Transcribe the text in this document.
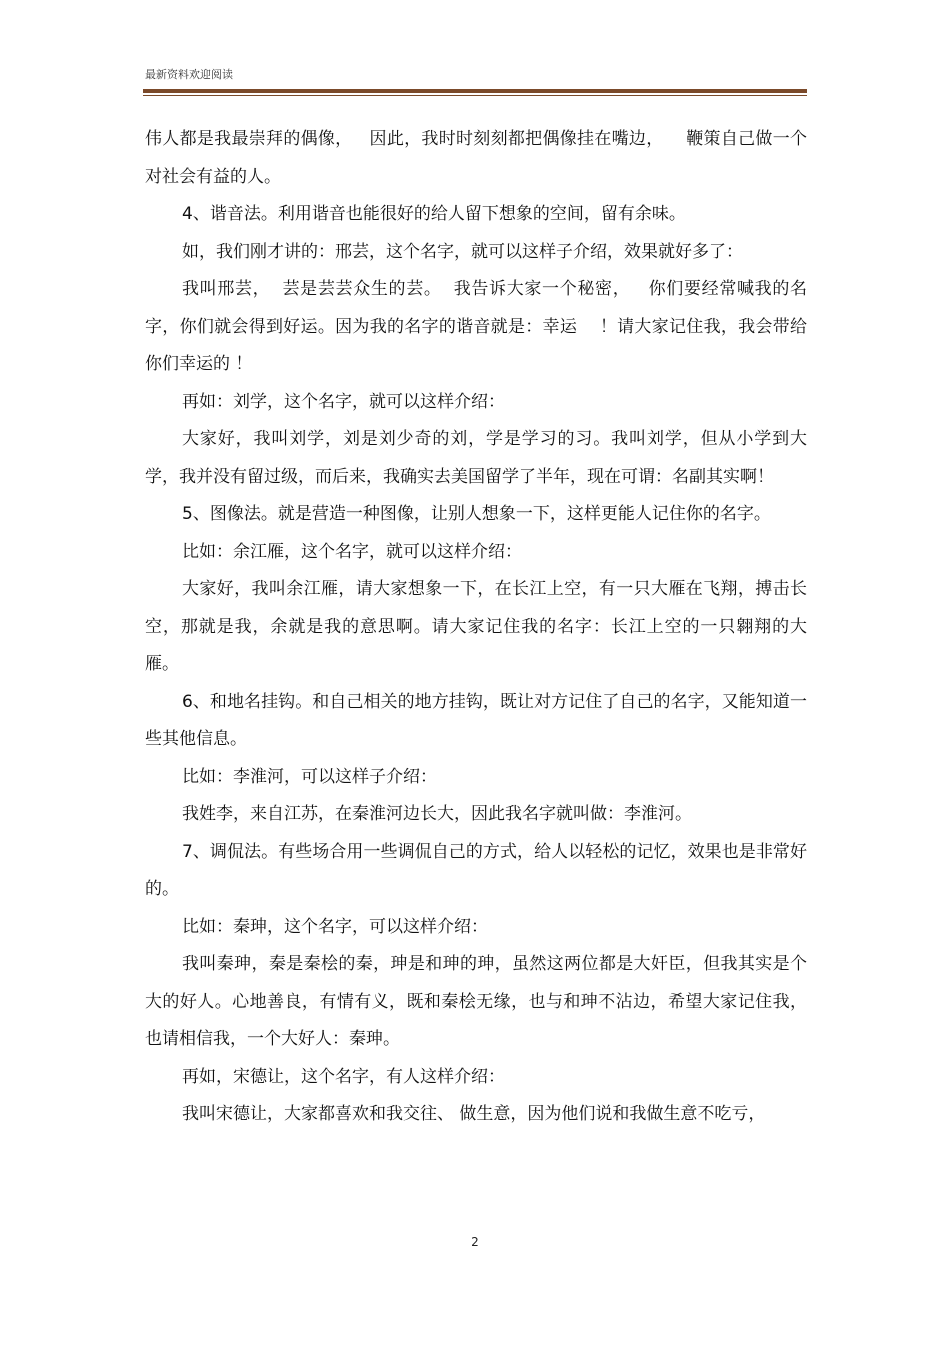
最新资料欢迎阅读

伟人都是我最崇拜的偶像，   因此，我时时刻刻都把偶像挂在嘴边，    鞭策自己做一个对社会有益的人。

4、谐音法。利用谐音也能很好的给人留下想象的空间，留有余味。

如，我们刚才讲的：邢芸，这个名字，就可以这样子介绍，效果就好多了：

我叫邢芸，  芸是芸芸众生的芸。  我告诉大家一个秘密，   你们要经常喊我的名字，你们就会得到好运。因为我的名字的谐音就是：幸运    ！请大家记住我，我会带给你们幸运的 ！

再如：刘学，这个名字，就可以这样介绍：

大家好，我叫刘学，刘是刘少奇的刘，学是学习的习。我叫刘学，但从小学到大学，我并没有留过级，而后来，我确实去美国留学了半年，现在可谓：名副其实啊！

5、图像法。就是营造一种图像，让别人想象一下，这样更能人记住你的名字。

比如：余江雁，这个名字，就可以这样介绍：

大家好，我叫余江雁，请大家想象一下，在长江上空，有一只大雁在飞翔，搏击长空，那就是我，余就是我的意思啊。请大家记住我的名字：长江上空的一只翱翔的大雁。

6、和地名挂钩。和自己相关的地方挂钩，既让对方记住了自己的名字，又能知道一些其他信息。

比如：李淮河，可以这样子介绍：

我姓李，来自江苏，在秦淮河边长大，因此我名字就叫做：李淮河。

7、调侃法。有些场合用一些调侃自己的方式，给人以轻松的记忆，效果也是非常好的。

比如：秦珅，这个名字，可以这样介绍：

我叫秦珅，秦是秦桧的秦，珅是和珅的珅，虽然这两位都是大奸臣，但我其实是个大的好人。心地善良，有情有义，既和秦桧无缘，也与和珅不沾边，希望大家记住我，也请相信我，一个大好人：秦珅。

再如，宋德让，这个名字，有人这样介绍：

我叫宋德让，大家都喜欢和我交往、 做生意，因为他们说和我做生意不吃亏，

2
